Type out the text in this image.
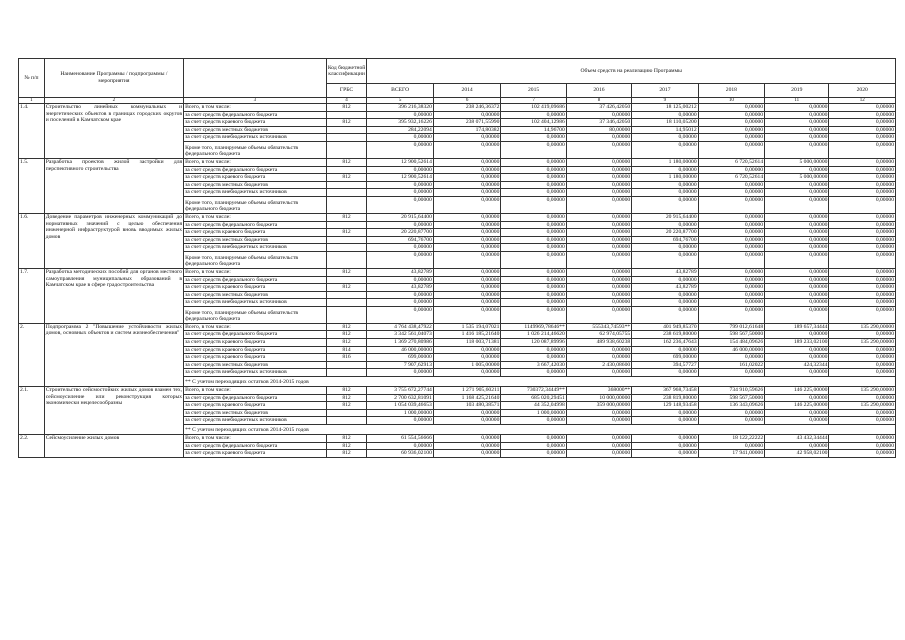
№ п/п	Наименование Программы / подпрограммы / мероприятия		Код бюджетной классификации	Объем средств на реализацию Программы							
			ГРБС	ВСЕГО	2014	2015	2016	2017	2018	2019	2020
1	2	3	4	5	6	7	8	9	10	11	12
1.4.	Строительство линейных коммунальных и энергетических объектов в границах городских округов и поселений в Камчатском крае	Всего, в том числе:	812	396 216,38320	238 246,36372	102 419,09686	37 426,42050	18 125,00212	0,00000	0,00000	0,00000
		за счет средств федерального бюджета		0,00000	0,00000	0,00000	0,00000	0,00000	0,00000	0,00000	0,00000
		за счет средств краевого бюджета	812	395 932,16226	238 071,55990	102 404,12986	37 346,42050	18 110,05200	0,00000	0,00000	0,00000
		за счет средств местных бюджетов		284,22094	174,80382	14,96700	80,00000	14,95012	0,00000	0,00000	0,00000
		за счет средств внебюджетных источников		0,00000	0,00000	0,00000	0,00000	0,00000	0,00000	0,00000	0,00000
		Кроме того, планируемые объемы обязательств федерального бюджета		0,00000	0,00000	0,00000	0,00000	0,00000	0,00000	0,00000	0,00000
1.5.	Разработка проектов жилой застройки для перспективного строительства	Всего, в том числе:	812	12 900,52614	0,00000	0,00000	0,00000	1 180,00000	6 720,52614	5 000,00000	0,00000
		за счет средств федерального бюджета		0,00000	0,00000	0,00000	0,00000	0,00000	0,00000	0,00000	0,00000
		за счет средств краевого бюджета	812	12 900,52614	0,00000	0,00000	0,00000	1 180,00000	6 720,52614	5 000,00000	0,00000
		за счет средств местных бюджетов		0,00000	0,00000	0,00000	0,00000	0,00000	0,00000	0,00000	0,00000
		за счет средств внебюджетных источников		0,00000	0,00000	0,00000	0,00000	0,00000	0,00000	0,00000	0,00000
		Кроме того, планируемые объемы обязательств федерального бюджета		0,00000	0,00000	0,00000	0,00000	0,00000	0,00000	0,00000	0,00000
1.6.	Доведение параметров инженерных коммуникаций до нормативных значений с целью обеспечения инженерной инфраструктурой вновь вводимых жилых домов	Всего, в том числе:	812	20 915,64400	0,00000	0,00000	0,00000	20 915,64400	0,00000	0,00000	0,00000
		за счет средств федерального бюджета		0,00000	0,00000	0,00000	0,00000	0,00000	0,00000	0,00000	0,00000
		за счет средств краевого бюджета	812	20 220,87700	0,00000	0,00000	0,00000	20 220,87700	0,00000	0,00000	0,00000
		за счет средств местных бюджетов		694,76700	0,00000	0,00000	0,00000	694,76700	0,00000	0,00000	0,00000
		за счет средств внебюджетных источников		0,00000	0,00000	0,00000	0,00000	0,00000	0,00000	0,00000	0,00000
		Кроме того, планируемые объемы обязательств федерального бюджета		0,00000	0,00000	0,00000	0,00000	0,00000	0,00000	0,00000	0,00000
1.7.	Разработка методических пособий для органов местного самоуправления муниципальных образований в Камчатском крае в сфере градостроительства	Всего, в том числе:	812	43,82789	0,00000	0,00000	0,00000	43,82789	0,00000	0,00000	0,00000
		за счет средств федерального бюджета		0,00000	0,00000	0,00000	0,00000	0,00000	0,00000	0,00000	0,00000
		за счет средств краевого бюджета	812	43,82789	0,00000	0,00000	0,00000	43,82789	0,00000	0,00000	0,00000
		за счет средств местных бюджетов		0,00000	0,00000	0,00000	0,00000	0,00000	0,00000	0,00000	0,00000
		за счет средств внебюджетных источников		0,00000	0,00000	0,00000	0,00000	0,00000	0,00000	0,00000	0,00000
		Кроме того, планируемые объемы обязательств федерального бюджета		0,00000	0,00000	0,00000	0,00000	0,00000	0,00000	0,00000	0,00000
2.	Подпрограмма 2 "Повышение устойчивости жилых домов, основных объектов и систем жизнеобеспечения"	Всего, в том числе:	812	4 764 438,47922	1 535 194,07021	1149969,78646**	555343,74593**	401 949,85370	799 012,61648	189 657,34444	135 290,00000
		за счет средств федерального бюджета	812	3 342 561,04073	1 416 185,21640	1 026 214,46620	62 974,05755	238 619,80000	598 567,50000	0,00000	0,00000
		за счет средств краевого бюджета	812	1 369 270,80986	118 003,71381	120 087,89996	489 938,60238	162 236,47643	154 484,09626	189 233,02100	135 290,00000
		за счет средств краевого бюджета	814	46 000,00000	0,00000	0,00000	0,00000	0,00000	46 000,00000	0,00000	0,00000
		за счет средств краевого бюджета	816	699,00000	0,00000	0,00000	0,00000	699,00000	0,00000	0,00000	0,00000
		за счет средств местных бюджетов		7 907,62913	1 005,00000	3 667,42030	2 430,08600	394,57727	161,02022	424,32344	0,00000
		за счет средств внебюджетных источников		0,00000	0,00000	0,00000	0,00000	0,00000	0,00000	0,00000	0,00000
		** С учетом переходящих остатков 2014-2015 годов									
2.1.	Строительство сейсмостойких жилых домов взамен тех, сейсмоусиление или реконструкция которых экономически нецелесообразны	Всего, в том числе:	812	3 755 672,27744	1 271 905,60211	730372,34449**	368000**	367 968,73458	734 910,59626	146 225,00000	135 290,00000
		за счет средств федерального бюджета	812	2 700 632,81091	1 168 425,21640	685 020,29451	10 000,00000	238 819,80000	598 567,50000	0,00000	0,00000
		за счет средств краевого бюджета	812	1 054 039,46653	103 480,38571	44 352,04998	359 000,00000	129 148,93458	136 343,09626	146 225,00000	135 290,00000
		за счет средств местных бюджетов		1 000,00000	0,00000	1 000,00000	0,00000	0,00000	0,00000	0,00000	0,00000
		за счет средств внебюджетных источников		0,00000	0,00000	0,00000	0,00000	0,00000	0,00000	0,00000	0,00000
		** С учетом переходящих остатков 2014-2015 годов									
2.2.	Сейсмоусиление жилых домов	Всего, в том числе:	812	61 554,56666	0,00000	0,00000	0,00000	0,00000	18 122,22222	43 432,34444	0,00000
		за счет средств федерального бюджета	812	0,00000	0,00000	0,00000	0,00000	0,00000	0,00000	0,00000	0,00000
		за счет средств краевого бюджета	812	60 936,02100	0,00000	0,00000	0,00000	0,00000	17 941,00000	42 958,02100	0,00000
